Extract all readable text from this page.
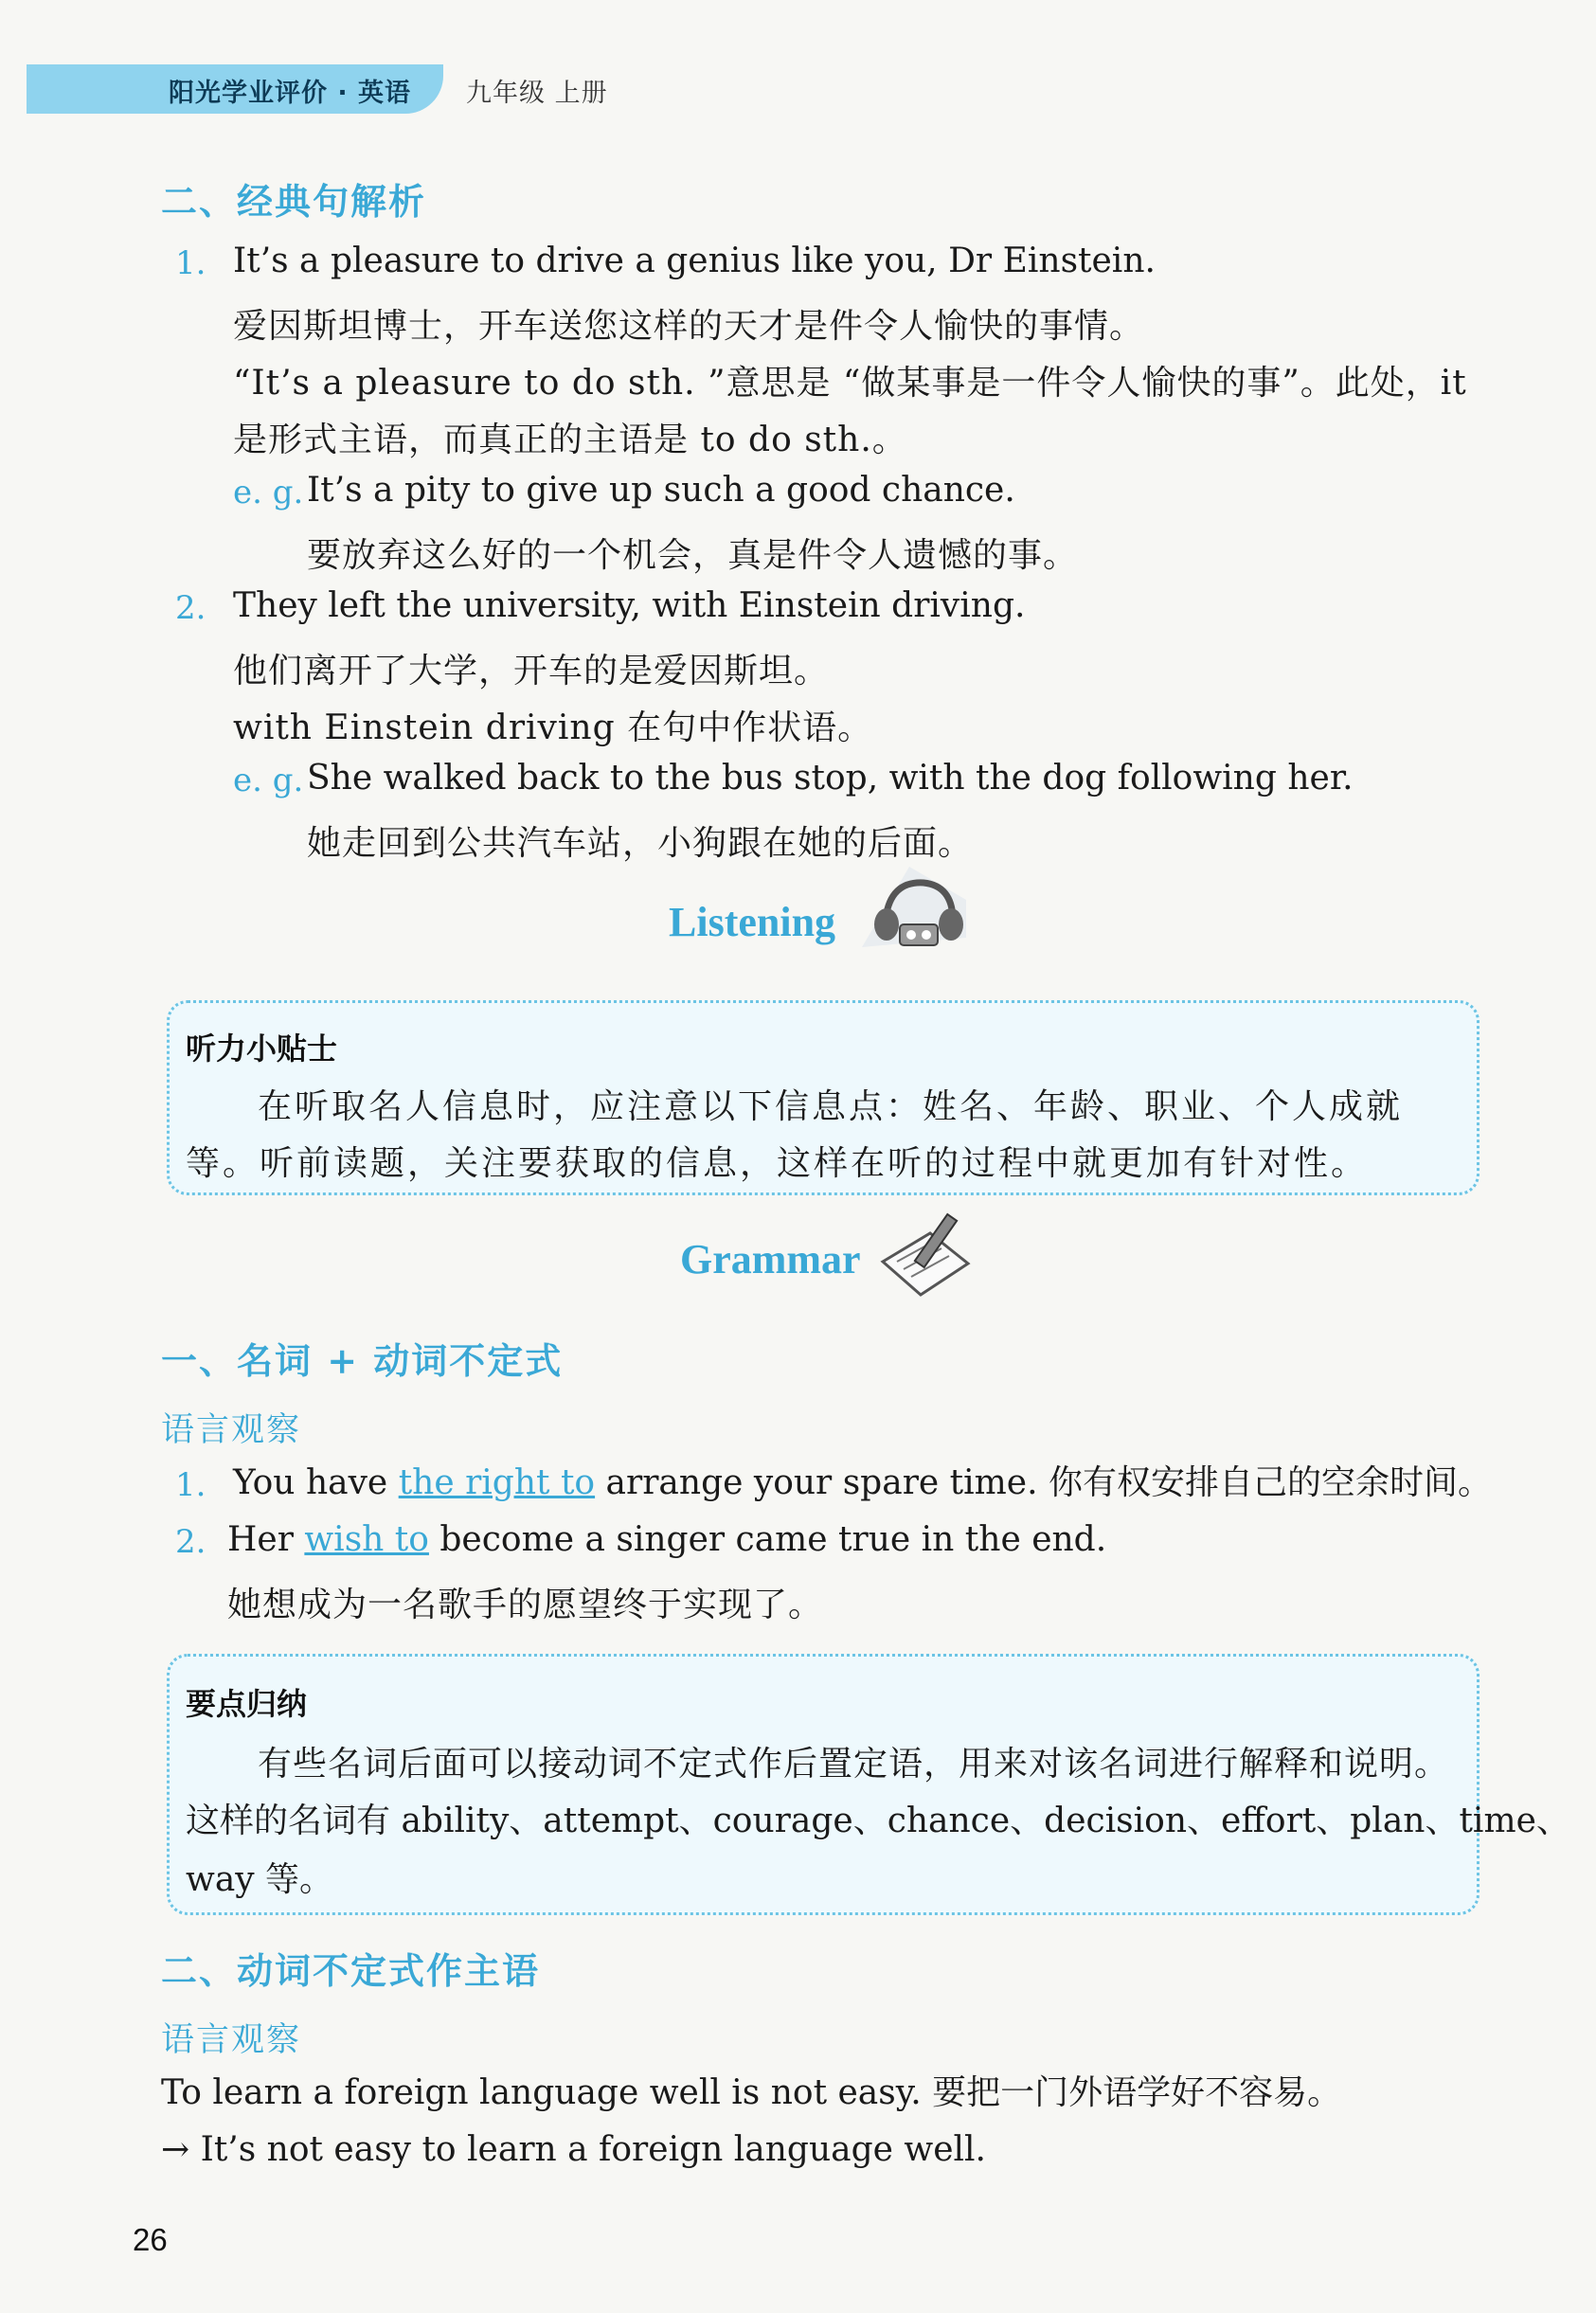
阳光学业评价 · 英语 九年级 上册
二、经典句解析
1. It’s a pleasure to drive a genius like you, Dr Einstein.
爱因斯坦博士，开车送您这样的天才是件令人愉快的事情。
“It’s a pleasure to do sth. ”意思是 “做某事是一件令人愉快的事”。此处，it
是形式主语，而真正的主语是 to do sth.。
e. g. It’s a pity to give up such a good chance.
要放弃这么好的一个机会，真是件令人遗憾的事。
2. They left the university, with Einstein driving.
他们离开了大学，开车的是爱因斯坦。
with Einstein driving 在句中作状语。
e. g. She walked back to the bus stop, with the dog following her.
她走回到公共汽车站，小狗跟在她的后面。
Listening
听力小贴士
在听取名人信息时，应注意以下信息点：姓名、年龄、职业、个人成就
等。听前读题，关注要获取的信息，这样在听的过程中就更加有针对性。
Grammar
一、名词 + 动词不定式
语言观察
1. You have the right to arrange your spare time. 你有权安排自己的空余时间。
2. Her wish to become a singer came true in the end.
她想成为一名歌手的愿望终于实现了。
要点归纳
有些名词后面可以接动词不定式作后置定语，用来对该名词进行解释和说明。
这样的名词有 ability、attempt、courage、chance、decision、effort、plan、time、
way 等。
二、动词不定式作主语
语言观察
To learn a foreign language well is not easy. 要把一门外语学好不容易。
→ It’s not easy to learn a foreign language well.
26
